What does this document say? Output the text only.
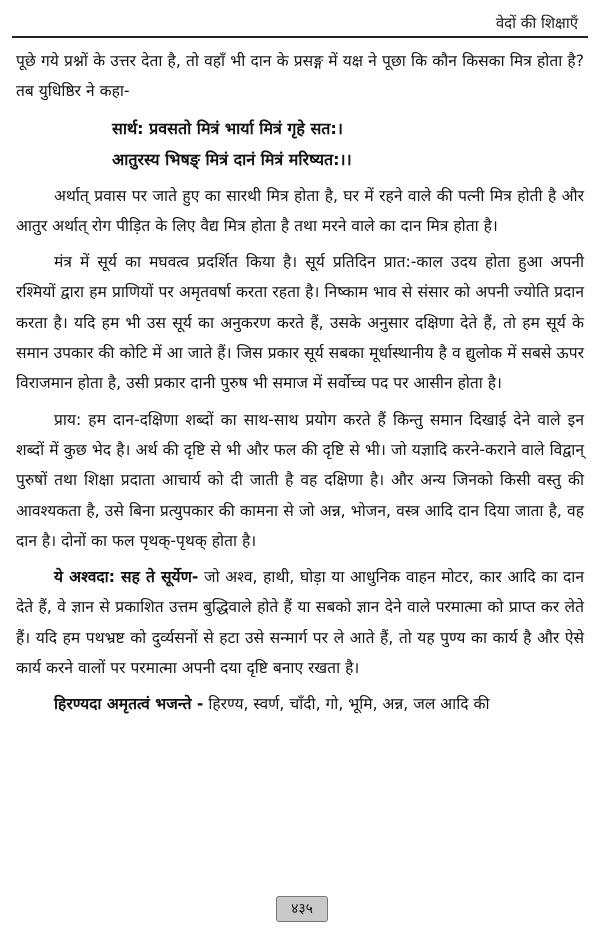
वेदों की शिक्षाएँ

पूछे गये प्रश्नों के उत्तर देता है, तो वहाँ भी दान के प्रसङ्ग में यक्ष ने पूछा कि कौन किसका मित्र होता है? तब युधिष्ठिर ने कहा-

सार्थ: प्रवसतो मित्रं भार्या मित्रं गृहे सत:।
आतुरस्य भिषङ् मित्रं दानं मित्रं मरिष्यत:।।

अर्थात् प्रवास पर जाते हुए का सारथी मित्र होता है, घर में रहने वाले की पत्नी मित्र होती है और आतुर अर्थात् रोग पीड़ित के लिए वैद्य मित्र होता है तथा मरने वाले का दान मित्र होता है।

मंत्र में सूर्य का मघवत्व प्रदर्शित किया है। सूर्य प्रतिदिन प्रात:-काल उदय होता हुआ अपनी रश्मियों द्वारा हम प्राणियों पर अमृतवर्षा करता रहता है। निष्काम भाव से संसार को अपनी ज्योति प्रदान करता है। यदि हम भी उस सूर्य का अनुकरण करते हैं, उसके अनुसार दक्षिणा देते हैं, तो हम सूर्य के समान उपकार की कोटि में आ जाते हैं। जिस प्रकार सूर्य सबका मूर्धास्थानीय है व द्युलोक में सबसे ऊपर विराजमान होता है, उसी प्रकार दानी पुरुष भी समाज में सर्वोच्च पद पर आसीन होता है।

प्राय: हम दान-दक्षिणा शब्दों का साथ-साथ प्रयोग करते हैं किन्तु समान दिखाई देने वाले इन शब्दों में कुछ भेद है। अर्थ की दृष्टि से भी और फल की दृष्टि से भी। जो यज्ञादि करने-कराने वाले विद्वान् पुरुषों तथा शिक्षा प्रदाता आचार्य को दी जाती है वह दक्षिणा है। और अन्य जिनको किसी वस्तु की आवश्यकता है, उसे बिना प्रत्युपकार की कामना से जो अन्न, भोजन, वस्त्र आदि दान दिया जाता है, वह दान है। दोनों का फल पृथक्-पृथक् होता है।

ये अश्वदा: सह ते सूर्येण- जो अश्व, हाथी, घोड़ा या आधुनिक वाहन मोटर, कार आदि का दान देते हैं, वे ज्ञान से प्रकाशित उत्तम बुद्धिवाले होते हैं या सबको ज्ञान देने वाले परमात्मा को प्राप्त कर लेते हैं। यदि हम पथभ्रष्ट को दुर्व्यसनों से हटा उसे सन्मार्ग पर ले आते हैं, तो यह पुण्य का कार्य है और ऐसे कार्य करने वालों पर परमात्मा अपनी दया दृष्टि बनाए रखता है।

हिरण्यदा अमृतत्वं भजन्ते - हिरण्य, स्वर्ण, चाँदी, गो, भूमि, अन्न, जल आदि की

४३५
